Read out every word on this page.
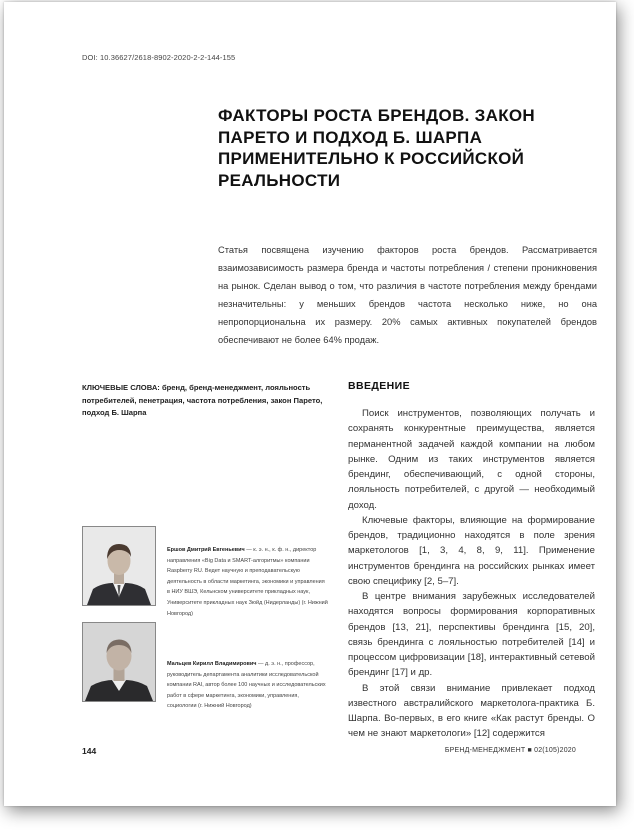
DOI: 10.36627/2618-8902-2020-2-2-144-155
ФАКТОРЫ РОСТА БРЕНДОВ. ЗАКОН ПАРЕТО И ПОДХОД Б. ШАРПА ПРИМЕНИТЕЛЬНО К РОССИЙСКОЙ РЕАЛЬНОСТИ

Статья посвящена изучению факторов роста брендов. Рассматривается взаимозависимость размера бренда и частоты потребления / степени проникновения на рынок. Сделан вывод о том, что различия в частоте потребления между брендами незначительны: у меньших брендов частота несколько ниже, но она непропорциональна их размеру. 20% самых активных покупателей брендов обеспечивают не более 64% продаж.

КЛЮЧЕВЫЕ СЛОВА: бренд, бренд-менеджмент, лояльность потребителей, пенетрация, частота потребления, закон Парето, подход Б. Шарпа

Ершов Дмитрий Евгеньевич — к. э. н., к. ф. н., директор направления «Big Data и SMART-алгоритмы» компании Raspberry RU. Ведет научную и преподавательскую деятельность в области маркетинга, экономики и управления в НИУ ВШЭ, Кельнском университете прикладных наук, Университете прикладных наук Зюйд (Нидерланды) (г. Нижний Новгород)

Мальцев Кирилл Владимирович — д. э. н., профессор, руководитель департамента аналитики исследовательской компании RAI, автор более 100 научных и исследовательских работ в сфере маркетинга, экономики, управления, социологии (г. Нижний Новгород)

ВВЕДЕНИЕ

Поиск инструментов, позволяющих получать и сохранять конкурентные преимущества, является перманентной задачей каждой компании на любом рынке. Одним из таких инструментов является брендинг, обеспечивающий, с одной стороны, лояльность потребителей, с другой — необходимый доход.

Ключевые факторы, влияющие на формирование брендов, традиционно находятся в поле зрения маркетологов [1, 3, 4, 8, 9, 11]. Применение инструментов брендинга на российских рынках имеет свою специфику [2, 5–7].

В центре внимания зарубежных исследователей находятся вопросы формирования корпоративных брендов [13, 21], перспективы брендинга [15, 20], связь брендинга с лояльностью потребителей [14] и процессом цифровизации [18], интерактивный сетевой брендинг [17] и др.

В этой связи внимание привлекает подход известного австралийского маркетолога-практика Б. Шарпа. Во-первых, в его книге «Как растут бренды. О чем не знают маркетологи» [12] содержится

144	БРЕНД-МЕНЕДЖМЕНТ ■ 02(105)2020
